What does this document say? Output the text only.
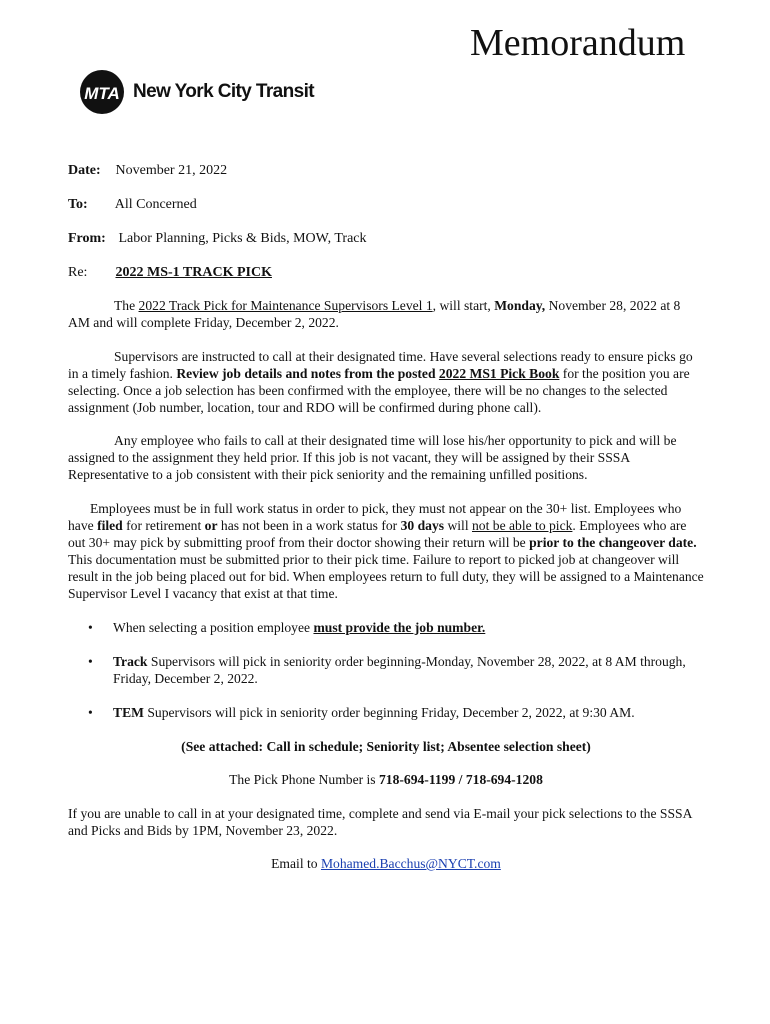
Memorandum
MTA New York City Transit
Date: November 21, 2022
To: All Concerned
From: Labor Planning, Picks & Bids, MOW, Track
Re: 2022 MS-1 TRACK PICK

The 2022 Track Pick for Maintenance Supervisors Level 1, will start, Monday, November 28, 2022 at 8 AM and will complete Friday, December 2, 2022.

Supervisors are instructed to call at their designated time. Have several selections ready to ensure picks go in a timely fashion. Review job details and notes from the posted 2022 MS1 Pick Book for the position you are selecting. Once a job selection has been confirmed with the employee, there will be no changes to the selected assignment (Job number, location, tour and RDO will be confirmed during phone call).

Any employee who fails to call at their designated time will lose his/her opportunity to pick and will be assigned to the assignment they held prior. If this job is not vacant, they will be assigned by their SSSA Representative to a job consistent with their pick seniority and the remaining unfilled positions.

Employees must be in full work status in order to pick, they must not appear on the 30+ list. Employees who have filed for retirement or has not been in a work status for 30 days will not be able to pick. Employees who are out 30+ may pick by submitting proof from their doctor showing their return will be prior to the changeover date. This documentation must be submitted prior to their pick time. Failure to report to picked job at changeover will result in the job being placed out for bid. When employees return to full duty, they will be assigned to a Maintenance Supervisor Level I vacancy that exist at that time.

• When selecting a position employee must provide the job number.
• Track Supervisors will pick in seniority order beginning-Monday, November 28, 2022, at 8 AM through, Friday, December 2, 2022.
• TEM Supervisors will pick in seniority order beginning Friday, December 2, 2022, at 9:30 AM.
(See attached: Call in schedule; Seniority list; Absentee selection sheet)
The Pick Phone Number is 718-694-1199 / 718-694-1208

If you are unable to call in at your designated time, complete and send via E-mail your pick selections to the SSSA and Picks and Bids by 1PM, November 23, 2022.

Email to Mohamed.Bacchus@NYCT.com
